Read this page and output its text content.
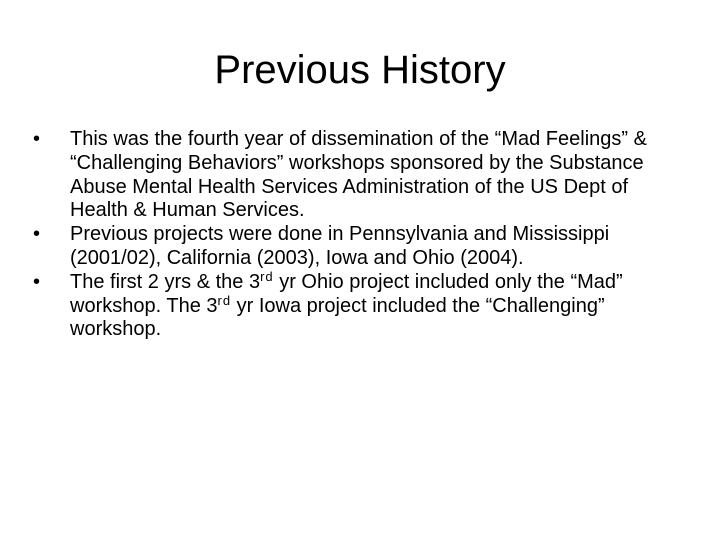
Previous History
• This was the fourth year of dissemination of the “Mad Feelings” & “Challenging Behaviors” workshops sponsored by the Substance Abuse Mental Health Services Administration of the US Dept of Health & Human Services.
• Previous projects were done in Pennsylvania and Mississippi (2001/02), California (2003), Iowa and Ohio (2004).
• The first 2 yrs & the 3rd yr Ohio project included only the “Mad” workshop. The 3rd yr Iowa project included the “Challenging” workshop.
